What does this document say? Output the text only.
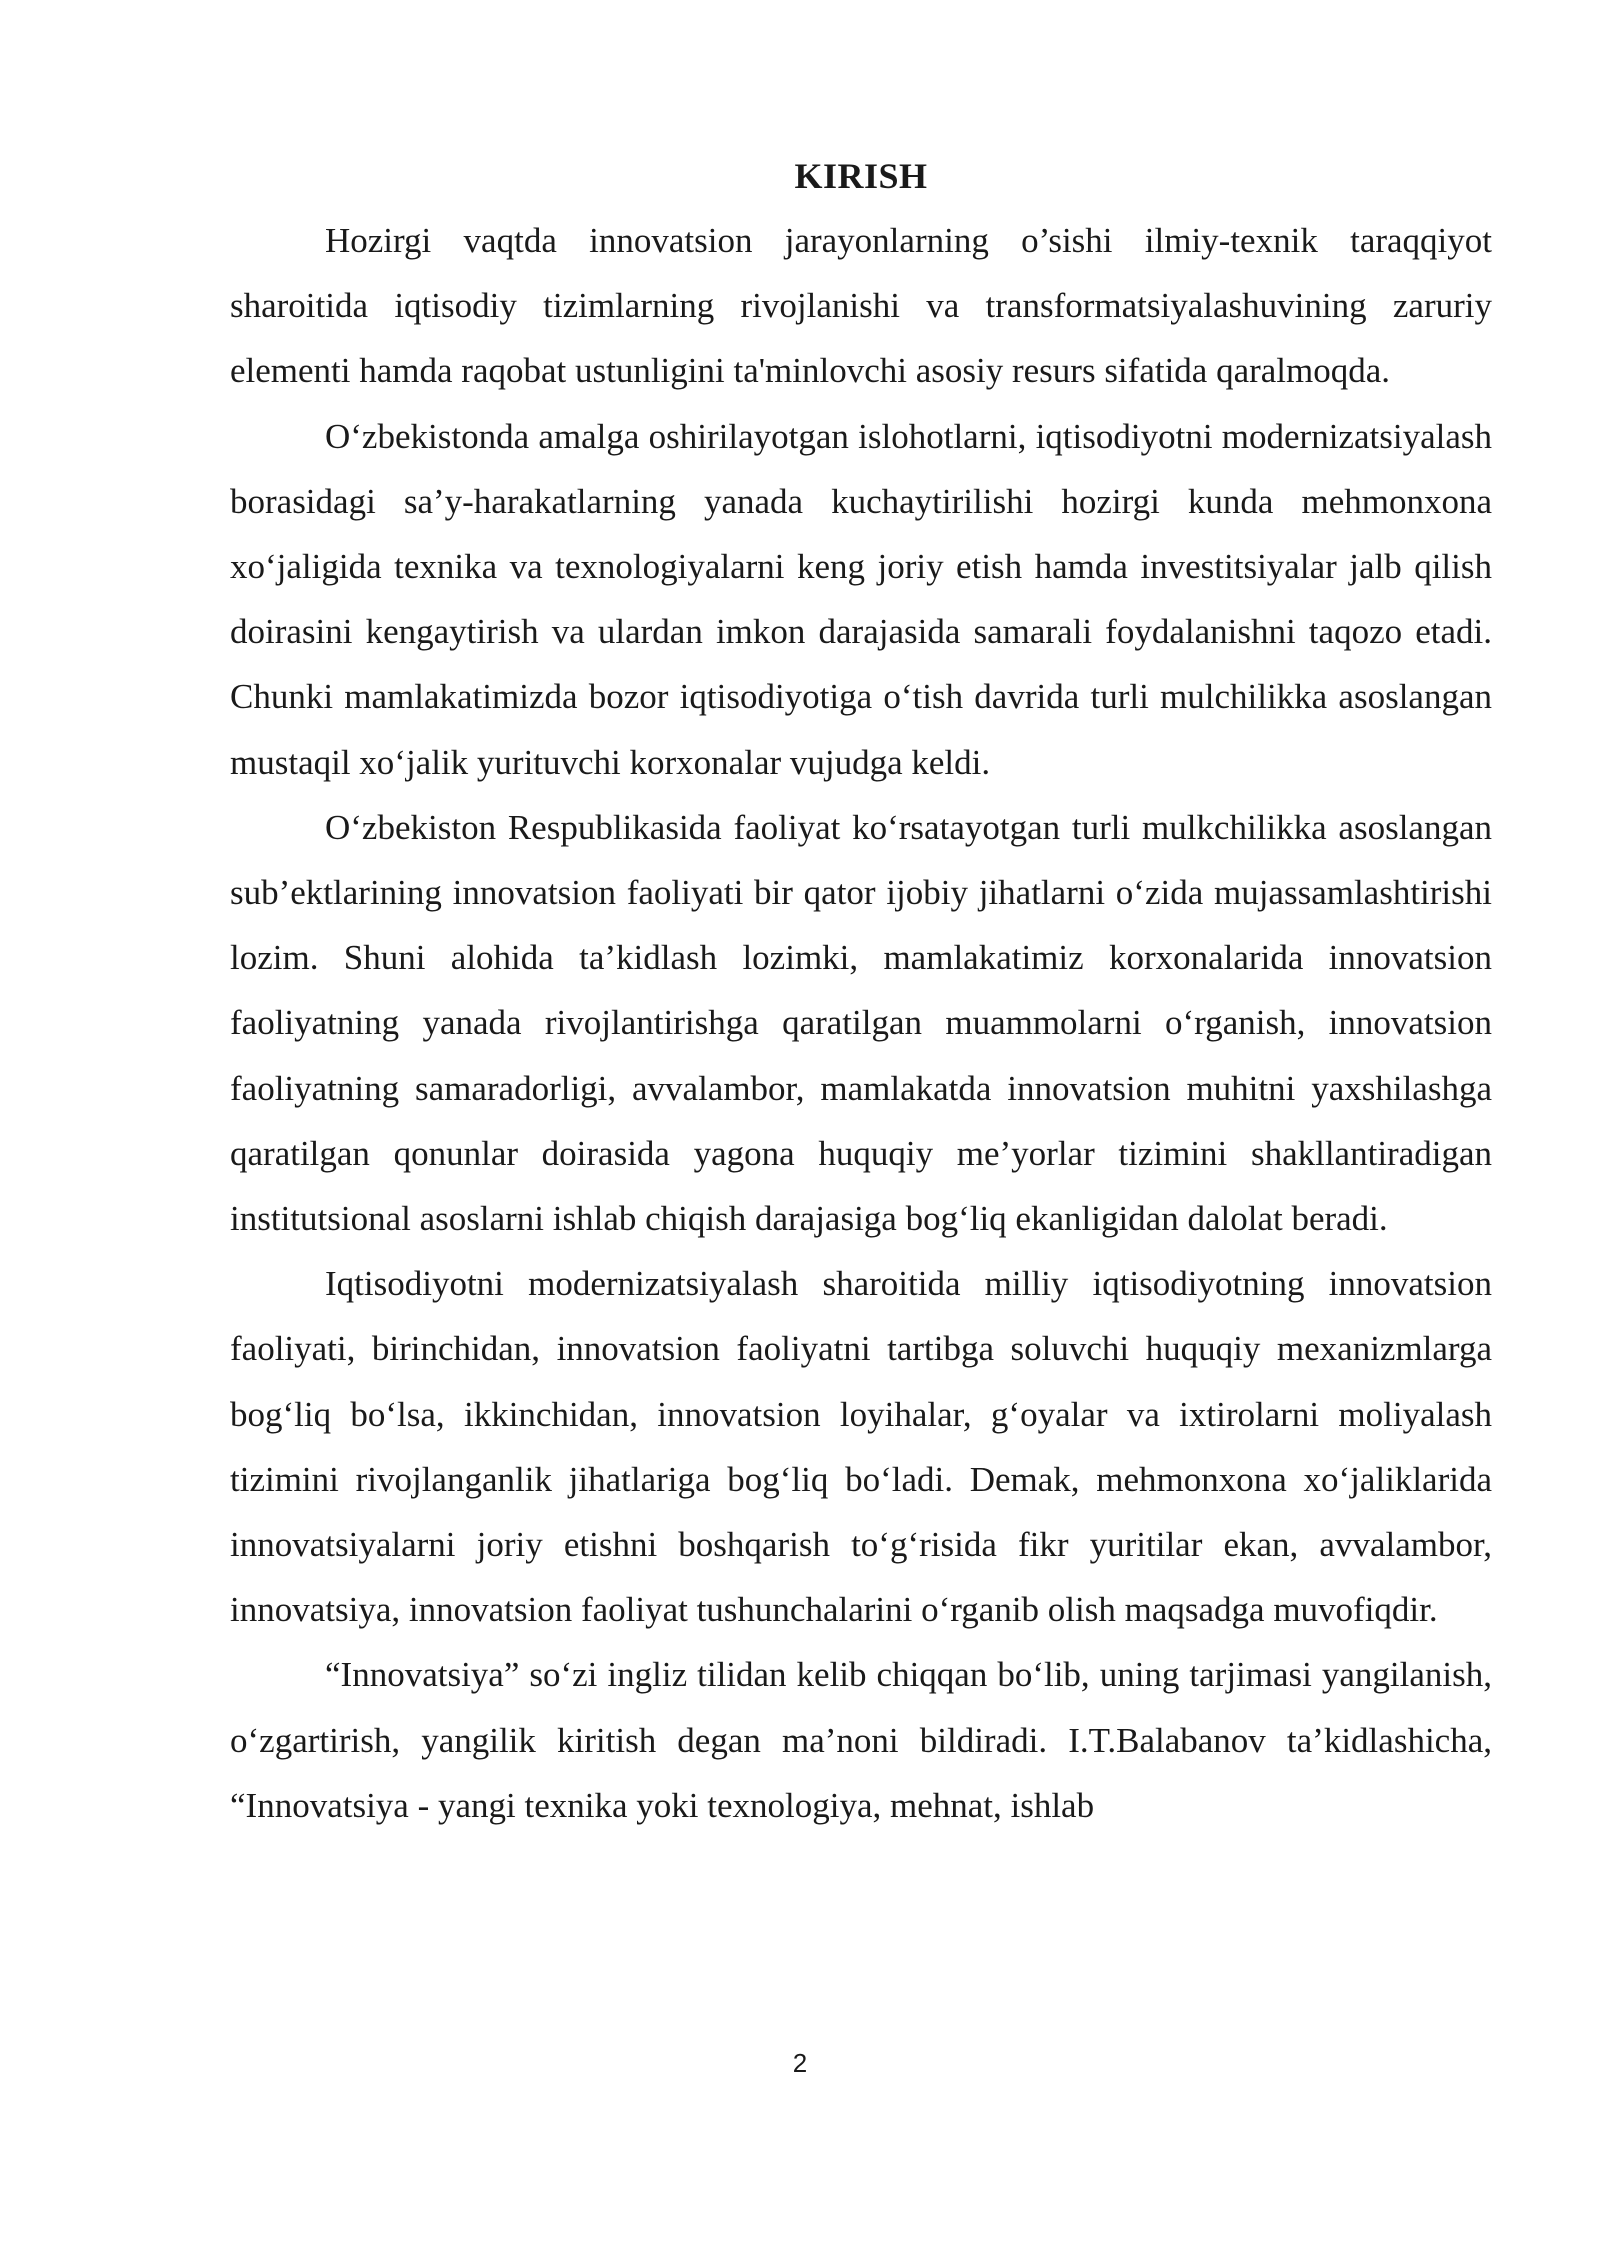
KIRISH

Hozirgi vaqtda innovatsion jarayonlarning o’sishi ilmiy-texnik taraqqiyot sharoitida iqtisodiy tizimlarning rivojlanishi va transformatsiyalashuvining zaruriy elementi hamda raqobat ustunligini ta'minlovchi asosiy resurs sifatida qaralmoqda.

O‘zbekistonda amalga oshirilayotgan islohotlarni, iqtisodiyotni modernizatsiyalash borasidagi sa’y-harakatlarning yanada kuchaytirilishi hozirgi kunda mehmonxona xo‘jaligida texnika va texnologiyalarni keng joriy etish hamda investitsiyalar jalb qilish doirasini kengaytirish va ulardan imkon darajasida samarali foydalanishni taqozo etadi. Chunki mamlakatimizda bozor iqtisodiyotiga o‘tish davrida turli mulchilikka asoslangan mustaqil xo‘jalik yurituvchi korxonalar vujudga keldi.

O‘zbekiston Respublikasida faoliyat ko‘rsatayotgan turli mulkchilikka asoslangan sub’ektlarining innovatsion faoliyati bir qator ijobiy jihatlarni o‘zida mujassamlashtirishi lozim. Shuni alohida ta’kidlash lozimki, mamlakatimiz korxonalarida innovatsion faoliyatning yanada rivojlantirishga qaratilgan muammolarni o‘rganish, innovatsion faoliyatning samaradorligi, avvalambor, mamlakatda innovatsion muhitni yaxshilashga qaratilgan qonunlar doirasida yagona huquqiy me’yorlar tizimini shakllantiradigan institutsional asoslarni ishlab chiqish darajasiga bog‘liq ekanligidan dalolat beradi.

Iqtisodiyotni modernizatsiyalash sharoitida milliy iqtisodiyotning innovatsion faoliyati, birinchidan, innovatsion faoliyatni tartibga soluvchi huquqiy mexanizmlarga bog‘liq bo‘lsa, ikkinchidan, innovatsion loyihalar, g‘oyalar va ixtirolarni moliyalash tizimini rivojlanganlik jihatlariga bog‘liq bo‘ladi. Demak, mehmonxona xo‘jaliklarida innovatsiyalarni joriy etishni boshqarish to‘g‘risida fikr yuritilar ekan, avvalambor, innovatsiya, innovatsion faoliyat tushunchalarini o‘rganib olish maqsadga muvofiqdir.

“Innovatsiya” so‘zi ingliz tilidan kelib chiqqan bo‘lib, uning tarjimasi yangilanish, o‘zgartirish, yangilik kiritish degan ma’noni bildiradi. I.T.Balabanov ta’kidlashicha, “Innovatsiya - yangi texnika yoki texnologiya, mehnat, ishlab

2
